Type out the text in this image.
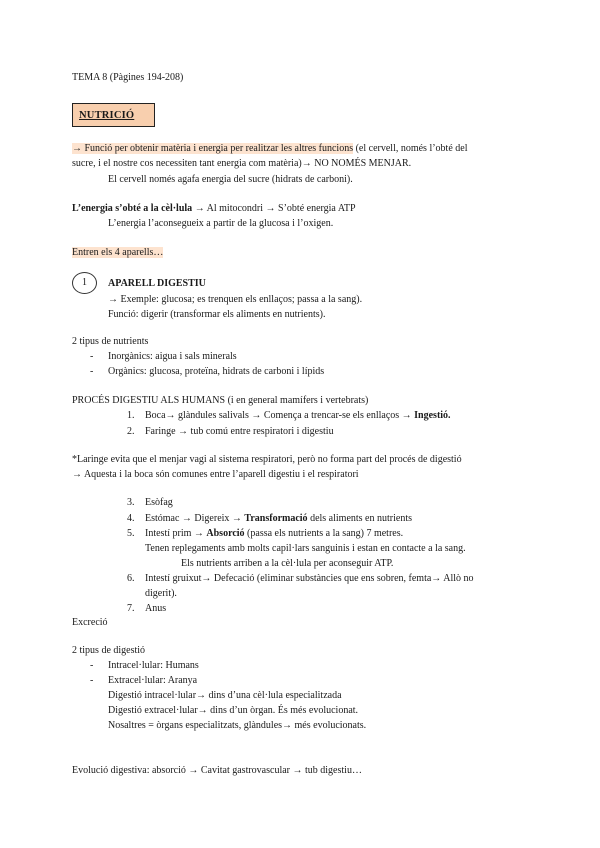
TEMA 8 (Pàgines 194-208)
NUTRICIÓ
→ Funció per obtenir matèria i energia per realitzar les altres funcions (el cervell, només l’obté del
sucre, i el nostre cos necessiten tant energia com matèria)→ NO NOMÉS MENJAR.
El cervell només agafa energia del sucre (hidrats de carboni).
L’energia s’obté a la cèl·lula → Al mitocondri → S’obté energia ATP
L’energia l’aconsegueix a partir de la glucosa i l’oxigen.
Entren els 4 aparells…
1	APARELL DIGESTIU
→ Exemple: glucosa; es trenquen els enllaços; passa a la sang).
Funció: digerir (transformar els aliments en nutrients).
2 tipus de nutrients
- Inorgànics: aigua i sals minerals
- Orgànics: glucosa, proteïna, hidrats de carboni i lípids
PROCÉS DIGESTIU ALS HUMANS (i en general mamífers i vertebrats)
1. Boca→ glàndules salivals → Comença a trencar-se els enllaços → Ingestió.
2. Faringe → tub comú entre respiratori i digestiu
*Laringe evita que el menjar vagi al sistema respiratori, però no forma part del procés de digestió
→ Aquesta i la boca són comunes entre l’aparell digestiu i el respiratori
3. Esòfag
4. Estómac → Digereix → Transformació dels aliments en nutrients
5. Intestí prim → Absorció (passa els nutrients a la sang) 7 metres.
Tenen replegaments amb molts capil·lars sanguinis i estan en contacte a la sang.
Els nutrients arriben a la cèl·lula per aconseguir ATP.
6. Intestí gruixut→ Defecació (eliminar substàncies que ens sobren, femta→ Allò no
digerit).
7. Anus
Excreció
2 tipus de digestió
- Intracel·lular: Humans
- Extracel·lular: Aranya
Digestió intracel·lular→ dins d’una cèl·lula especialitzada
Digestió extracel·lular→ dins d’un òrgan. És més evolucionat.
Nosaltres = òrgans especialitzats, glàndules→ més evolucionats.
Evolució digestiva: absorció → Cavitat gastrovascular → tub digestiu…
